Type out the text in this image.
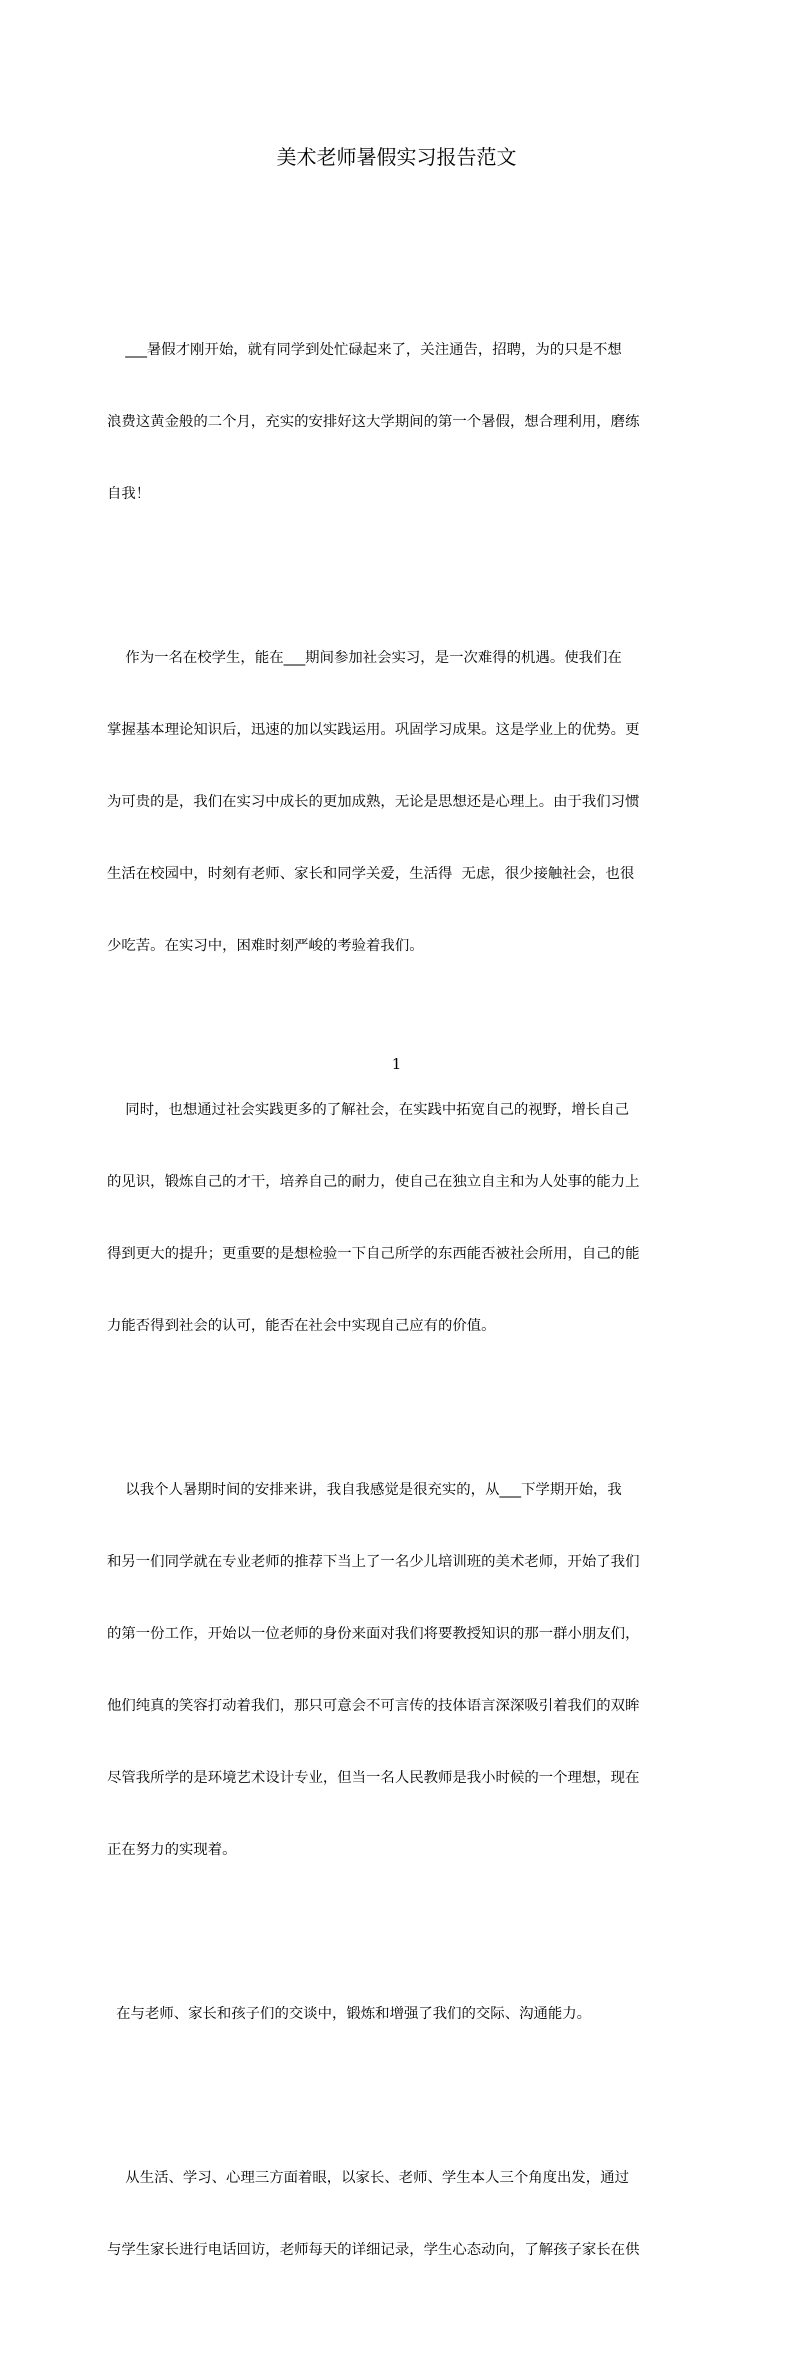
美术老师暑假实习报告范文

___暑假才刚开始，就有同学到处忙碌起来了，关注通告，招聘，为的只是不想

浪费这黄金般的二个月，充实的安排好这大学期间的第一个暑假，想合理利用，磨练

自我！

作为一名在校学生，能在___期间参加社会实习，是一次难得的机遇。使我们在

掌握基本理论知识后，迅速的加以实践运用。巩固学习成果。这是学业上的优势。更

为可贵的是，我们在实习中成长的更加成熟，无论是思想还是心理上。由于我们习惯

生活在校园中，时刻有老师、家长和同学关爱，生活得  无虑，很少接触社会，也很

少吃苦。在实习中，困难时刻严峻的考验着我们。

同时，也想通过社会实践更多的了解社会，在实践中拓宽自己的视野，增长自己

的见识，锻炼自己的才干，培养自己的耐力，使自己在独立自主和为人处事的能力上

得到更大的提升；更重要的是想检验一下自己所学的东西能否被社会所用，自己的能

力能否得到社会的认可，能否在社会中实现自己应有的价值。

以我个人暑期时间的安排来讲，我自我感觉是很充实的，从___下学期开始，我

和另一们同学就在专业老师的推荐下当上了一名少儿培训班的美术老师，开始了我们

的第一份工作，开始以一位老师的身份来面对我们将要教授知识的那一群小朋友们，

他们纯真的笑容打动着我们，那只可意会不可言传的技体语言深深吸引着我们的双眸

尽管我所学的是环境艺术设计专业，但当一名人民教师是我小时候的一个理想，现在

正在努力的实现着。

在与老师、家长和孩子们的交谈中，锻炼和增强了我们的交际、沟通能力。

从生活、学习、心理三方面着眼，以家长、老师、学生本人三个角度出发，通过

与学生家长进行电话回访，老师每天的详细记录，学生心态动向，了解孩子家长在供

1
